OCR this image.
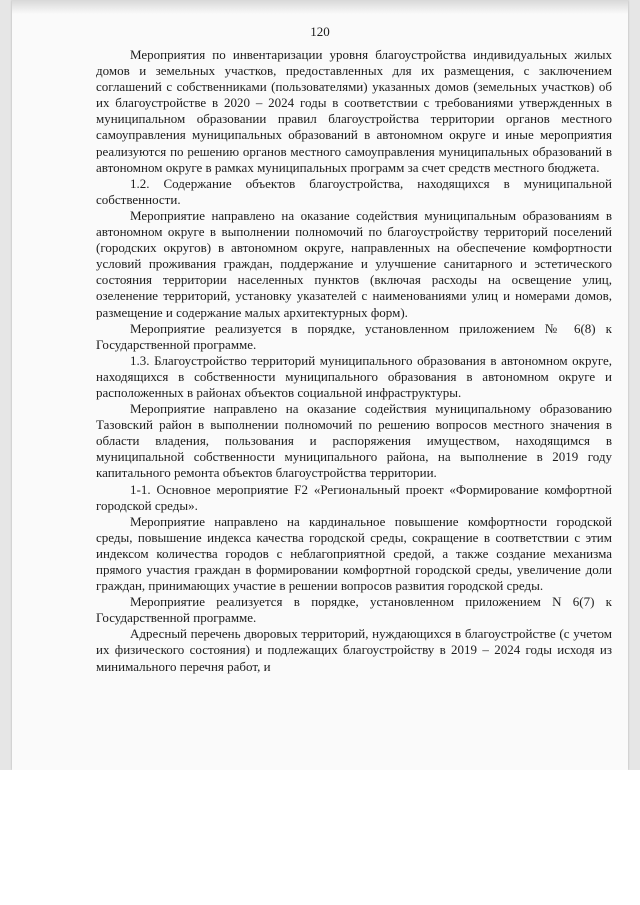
120

Мероприятия по инвентаризации уровня благоустройства индивидуальных жилых домов и земельных участков, предоставленных для их размещения, с заключением соглашений с собственниками (пользователями) указанных домов (земельных участков) об их благоустройстве в 2020 – 2024 годы в соответствии с требованиями утвержденных в муниципальном образовании правил благоустройства территории органов местного самоуправления муниципальных образований в автономном округе и иные мероприятия реализуются по решению органов местного самоуправления муниципальных образований в автономном округе в рамках муниципальных программ за счет средств местного бюджета.

1.2. Содержание объектов благоустройства, находящихся в муниципальной собственности.

Мероприятие направлено на оказание содействия муниципальным образованиям в автономном округе в выполнении полномочий по благоустройству территорий поселений (городских округов) в автономном округе, направленных на обеспечение комфортности условий проживания граждан, поддержание и улучшение санитарного и эстетического состояния территории населенных пунктов (включая расходы на освещение улиц, озеленение территорий, установку указателей с наименованиями улиц и номерами домов, размещение и содержание малых архитектурных форм).

Мероприятие реализуется в порядке, установленном приложением № 6(8) к Государственной программе.

1.3. Благоустройство территорий муниципального образования в автономном округе, находящихся в собственности муниципального образования в автономном округе и расположенных в районах объектов социальной инфраструктуры.

Мероприятие направлено на оказание содействия муниципальному образованию Тазовский район в выполнении полномочий по решению вопросов местного значения в области владения, пользования и распоряжения имуществом, находящимся в муниципальной собственности муниципального района, на выполнение в 2019 году капитального ремонта объектов благоустройства территории.

1-1. Основное мероприятие F2 «Региональный проект «Формирование комфортной городской среды».

Мероприятие направлено на кардинальное повышение комфортности городской среды, повышение индекса качества городской среды, сокращение в соответствии с этим индексом количества городов с неблагоприятной средой, а также создание механизма прямого участия граждан в формировании комфортной городской среды, увеличение доли граждан, принимающих участие в решении вопросов развития городской среды.

Мероприятие реализуется в порядке, установленном приложением N 6(7) к Государственной программе.

Адресный перечень дворовых территорий, нуждающихся в благоустройстве (с учетом их физического состояния) и подлежащих благоустройству в 2019 – 2024 годы исходя из минимального перечня работ, и
